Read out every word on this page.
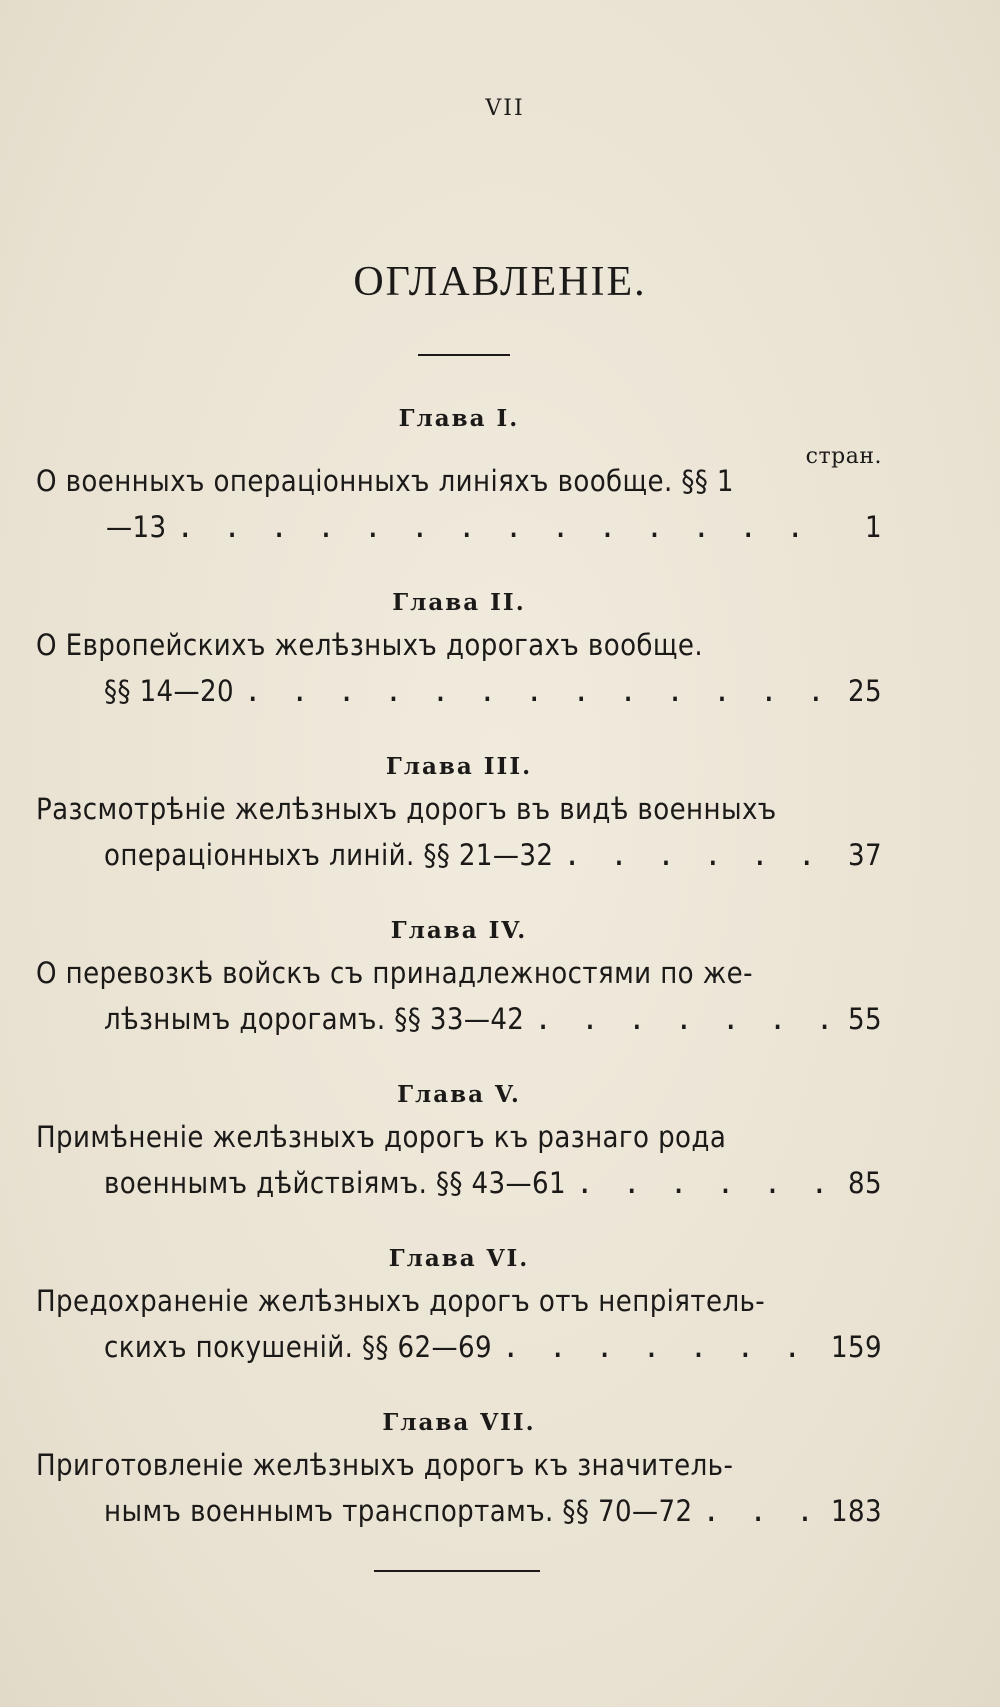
VII
ОГЛАВЛЕНІЕ.
стран.
Глава I.
О военныхъ операціонныхъ линіяхъ вообще. §§ 1
—13 . . .	1
Глава II.
О Европейскихъ желѣзныхъ дорогахъ вообще.
§§ 14—20 . . .	25
Глава III.
Разсмотрѣніе желѣзныхъ дорогъ въ видѣ военныхъ
операціонныхъ линій. §§ 21—32 . . .	37
Глава IV.
О перевозкѣ войскъ съ принадлежностями по же-
лѣзнымъ дорогамъ. §§ 33—42 . . .	55
Глава V.
Примѣненіе желѣзныхъ дорогъ къ разнаго рода
военнымъ дѣйствіямъ. §§ 43—61 . . .	85
Глава VI.
Предохраненіе желѣзныхъ дорогъ отъ непріятель-
скихъ покушеній. §§ 62—69 . . .	159
Глава VII.
Приготовленіе желѣзныхъ дорогъ къ значитель-
нымъ военнымъ транспортамъ. §§ 70—72 . . .	183
